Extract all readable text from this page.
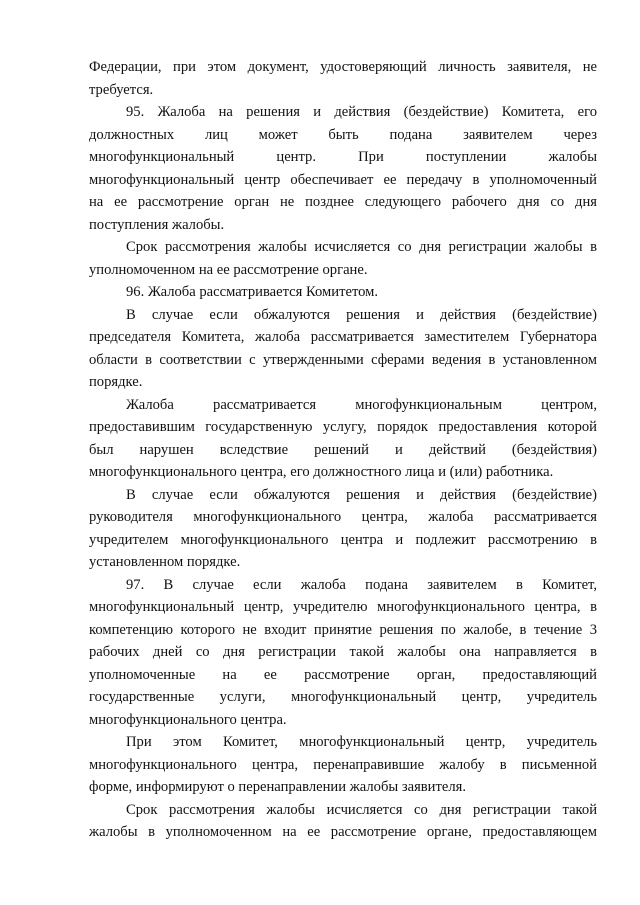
Федерации, при этом документ, удостоверяющий личность заявителя, не
требуется.
95. Жалоба на решения и действия (бездействие) Комитета, его
должностных лиц может быть подана заявителем через
многофункциональный центр. При поступлении жалобы
многофункциональный центр обеспечивает ее передачу в уполномоченный
на ее рассмотрение орган не позднее следующего рабочего дня со дня
поступления жалобы.
Срок рассмотрения жалобы исчисляется со дня регистрации жалобы в
уполномоченном на ее рассмотрение органе.
96. Жалоба рассматривается Комитетом.
В случае если обжалуются решения и действия (бездействие)
председателя Комитета, жалоба рассматривается заместителем Губернатора
области в соответствии с утвержденными сферами ведения в установленном
порядке.
Жалоба рассматривается многофункциональным центром,
предоставившим государственную услугу, порядок предоставления которой
был нарушен вследствие решений и действий (бездействия)
многофункционального центра, его должностного лица и (или) работника.
В случае если обжалуются решения и действия (бездействие)
руководителя многофункционального центра, жалоба рассматривается
учредителем многофункционального центра и подлежит рассмотрению в
установленном порядке.
97. В случае если жалоба подана заявителем в Комитет,
многофункциональный центр, учредителю многофункционального центра, в
компетенцию которого не входит принятие решения по жалобе, в течение 3
рабочих дней со дня регистрации такой жалобы она направляется в
уполномоченные на ее рассмотрение орган, предоставляющий
государственные услуги, многофункциональный центр, учредитель
многофункционального центра.
При этом Комитет, многофункциональный центр, учредитель
многофункционального центра, перенаправившие жалобу в письменной
форме, информируют о перенаправлении жалобы заявителя.
Срок рассмотрения жалобы исчисляется со дня регистрации такой
жалобы в уполномоченном на ее рассмотрение органе, предоставляющем
